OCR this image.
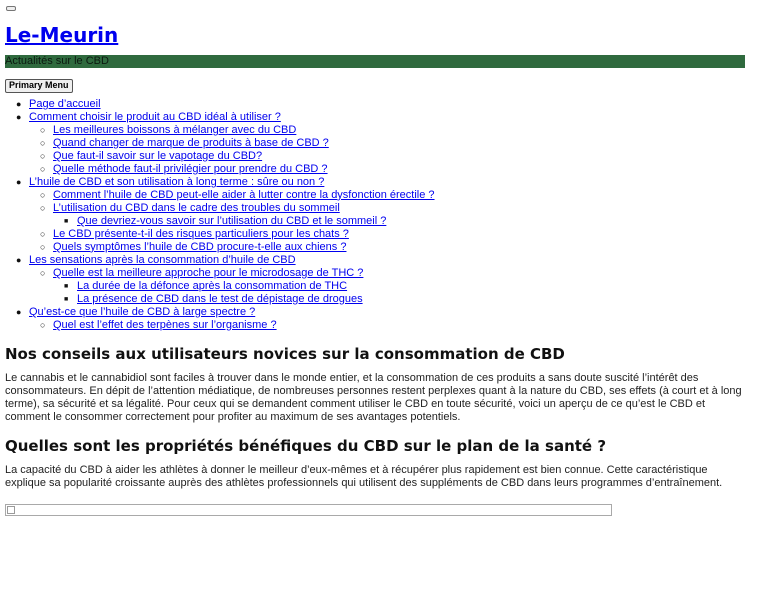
Le-Meurin
Actualités sur le CBD
Primary Menu
● Page d’accueil
● Comment choisir le produit au CBD idéal à utiliser ?
○ Les meilleures boissons à mélanger avec du CBD
○ Quand changer de marque de produits à base de CBD ?
○ Que faut-il savoir sur le vapotage du CBD?
○ Quelle méthode faut-il privilégier pour prendre du CBD ?
● L’huile de CBD et son utilisation à long terme : sûre ou non ?
○ Comment l’huile de CBD peut-elle aider à lutter contre la dysfonction érectile ?
○ L’utilisation du CBD dans le cadre des troubles du sommeil
■ Que devriez-vous savoir sur l’utilisation du CBD et le sommeil ?
○ Le CBD présente-t-il des risques particuliers pour les chats ?
○ Quels symptômes l’huile de CBD procure-t-elle aux chiens ?
● Les sensations après la consommation d’huile de CBD
○ Quelle est la meilleure approche pour le microdosage de THC ?
■ La durée de la défonce après la consommation de THC
■ La présence de CBD dans le test de dépistage de drogues
● Qu’est-ce que l’huile de CBD à large spectre ?
○ Quel est l’effet des terpènes sur l’organisme ?
Nos conseils aux utilisateurs novices sur la consommation de CBD

Le cannabis et le cannabidiol sont faciles à trouver dans le monde entier, et la consommation de ces produits a sans doute suscité l’intérêt des consommateurs. En dépit de l’attention médiatique, de nombreuses personnes restent perplexes quant à la nature du CBD, ses effets (à court et à long terme), sa sécurité et sa légalité. Pour ceux qui se demandent comment utiliser le CBD en toute sécurité, voici un aperçu de ce qu’est le CBD et comment le consommer correctement pour profiter au maximum de ses avantages potentiels.

Quelles sont les propriétés bénéfiques du CBD sur le plan de la santé ?

La capacité du CBD à aider les athlètes à donner le meilleur d’eux-mêmes et à récupérer plus rapidement est bien connue. Cette caractéristique explique sa popularité croissante auprès des athlètes professionnels qui utilisent des suppléments de CBD dans leurs programmes d’entraînement.
